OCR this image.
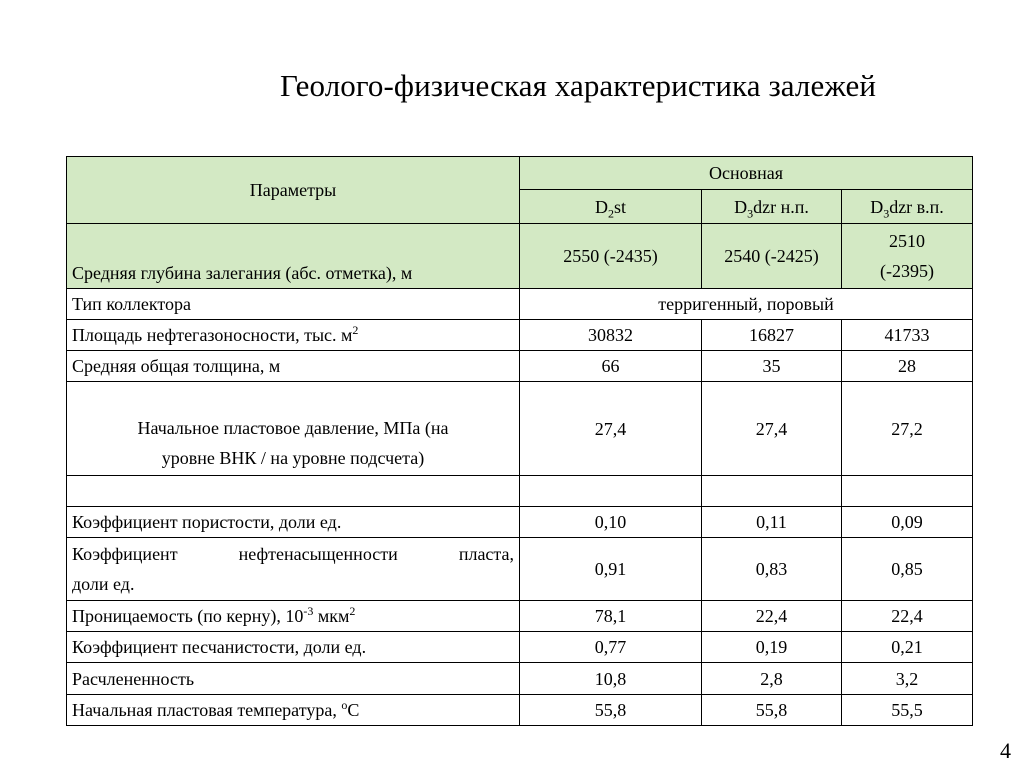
Геолого-физическая характеристика залежей
Параметры	Основная		
	$D_2st$	$D_3dzr$ н.п.	$D_3dzr$ в.п.
Средняя глубина залегания (абс. отметка), м	2550 (-2435)	2540 (-2425)	2510 (-2395)
Тип коллектора	терригенный, поровый		
Площадь нефтегазоносности, тыс. $м^2$	30832	16827	41733
Средняя общая толщина, м	66	35	28

Начальное пластовое давление, МПа (на
уровне ВНК / на уровне подсчета)	27,4	27,4	27,2

Коэффициент пористости, доли ед.	0,10	0,11	0,09

Коэффициент нефтенасыщенности пласта,
доли ед.	0,91	0,83	0,85
Проницаемость (по керну), $10^{-3}$ мкм$^2$	78,1	22,4	22,4
Коэффициент песчанистости, доли ед.	0,77	0,19	0,21
Расчлененность	10,8	2,8	3,2
Начальная пластовая температура, $^о$С	55,8	55,8	55,5
4
